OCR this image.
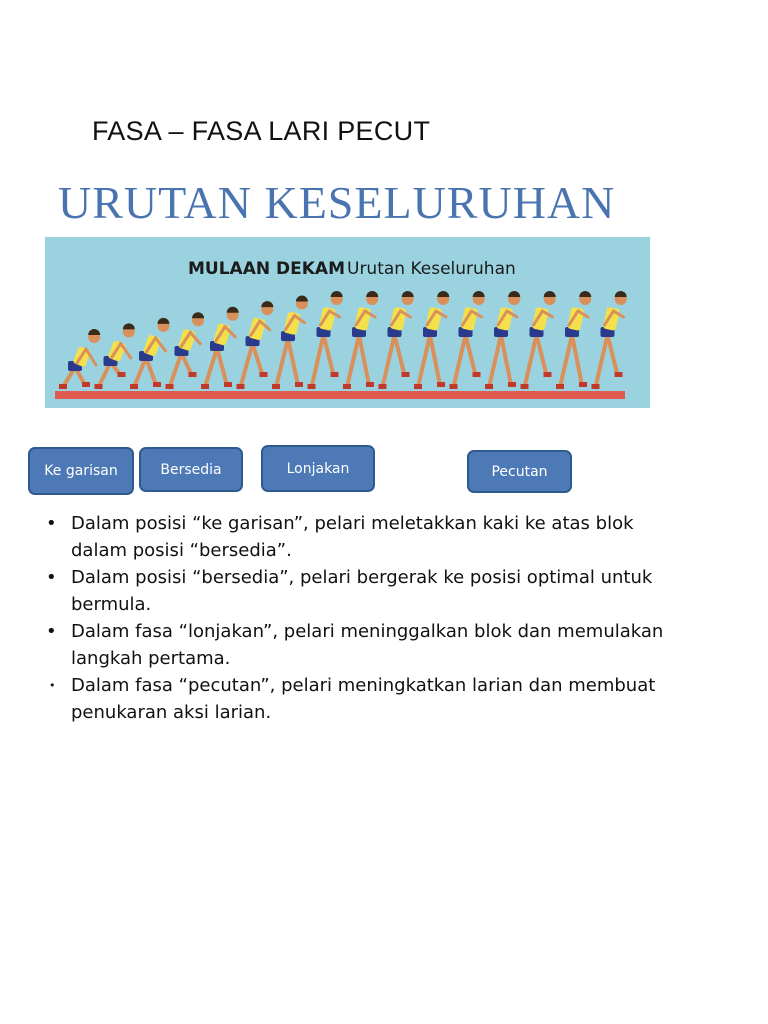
FASA – FASA LARI PECUT
URUTAN KESELURUHAN
MULAAN DEKAM Urutan Keseluruhan
Ke garisan	Bersedia	Lonjakan	Pecutan
• Dalam posisi “ke garisan”, pelari meletakkan kaki ke atas blok dalam posisi “bersedia”.
• Dalam posisi “bersedia”, pelari bergerak ke posisi optimal untuk bermula.
• Dalam fasa “lonjakan”, pelari meninggalkan blok dan memulakan langkah pertama.
• Dalam fasa “pecutan”, pelari meningkatkan larian dan membuat penukaran aksi larian.
